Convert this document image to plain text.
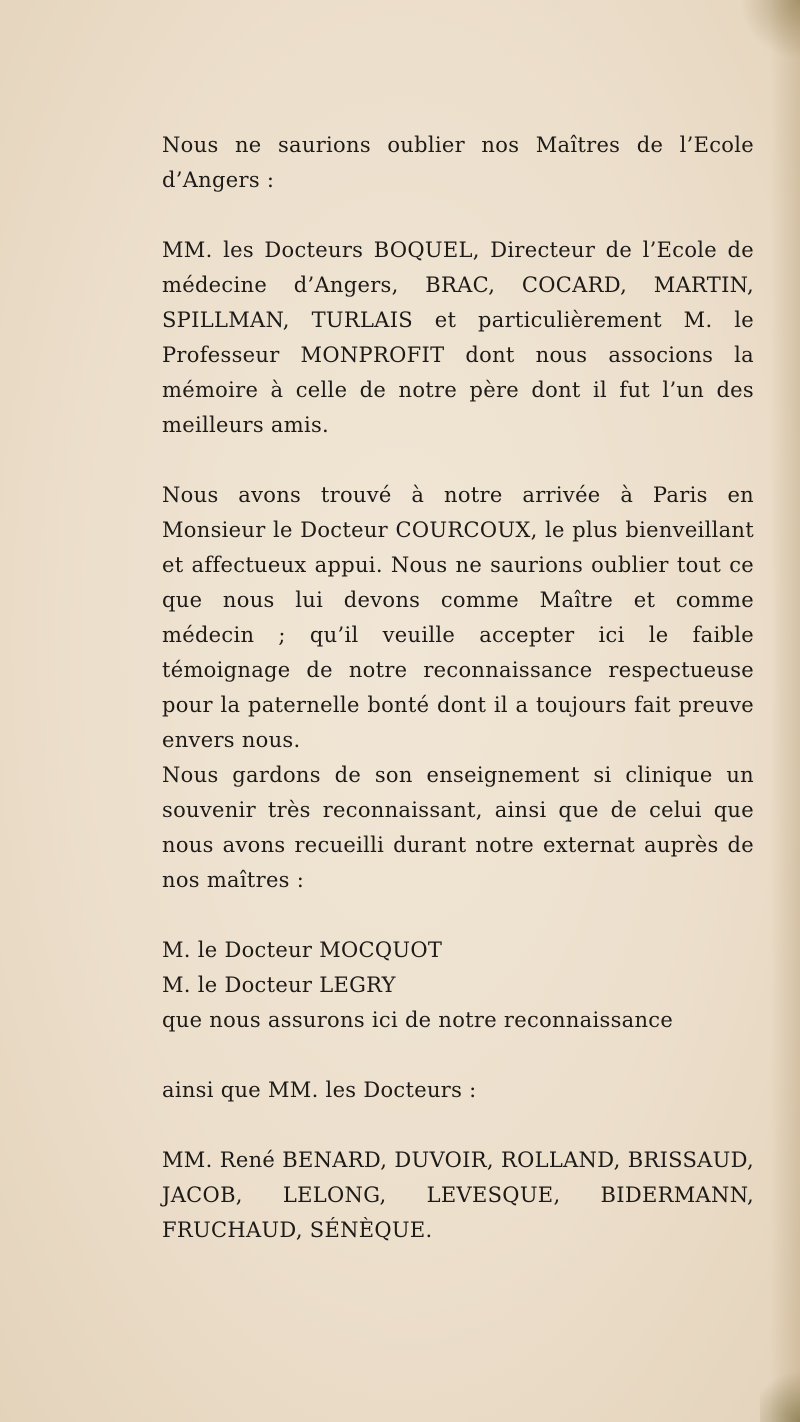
Nous ne saurions oublier nos Maîtres de l’Ecole d’Angers :

MM. les Docteurs BOQUEL, Directeur de l’Ecole de médecine d’Angers, BRAC, COCARD, MARTIN, SPILLMAN, TURLAIS et particulièrement M. le Professeur MONPROFIT dont nous associons la mémoire à celle de notre père dont il fut l’un des meilleurs amis.

Nous avons trouvé à notre arrivée à Paris en Monsieur le Docteur COURCOUX, le plus bienveillant et affectueux appui. Nous ne saurions oublier tout ce que nous lui devons comme Maître et comme médecin ; qu’il veuille accepter ici le faible témoignage de notre reconnaissance respectueuse pour la paternelle bonté dont il a toujours fait preuve envers nous.

Nous gardons de son enseignement si clinique un souvenir très reconnaissant, ainsi que de celui que nous avons recueilli durant notre externat auprès de nos maîtres :

M. le Docteur MOCQUOT

M. le Docteur LEGRY

que nous assurons ici de notre reconnaissance

ainsi que MM. les Docteurs :

MM. René BENARD, DUVOIR, ROLLAND, BRISSAUD, JACOB, LELONG, LEVESQUE, BIDERMANN, FRUCHAUD, SÉNÈQUE.
